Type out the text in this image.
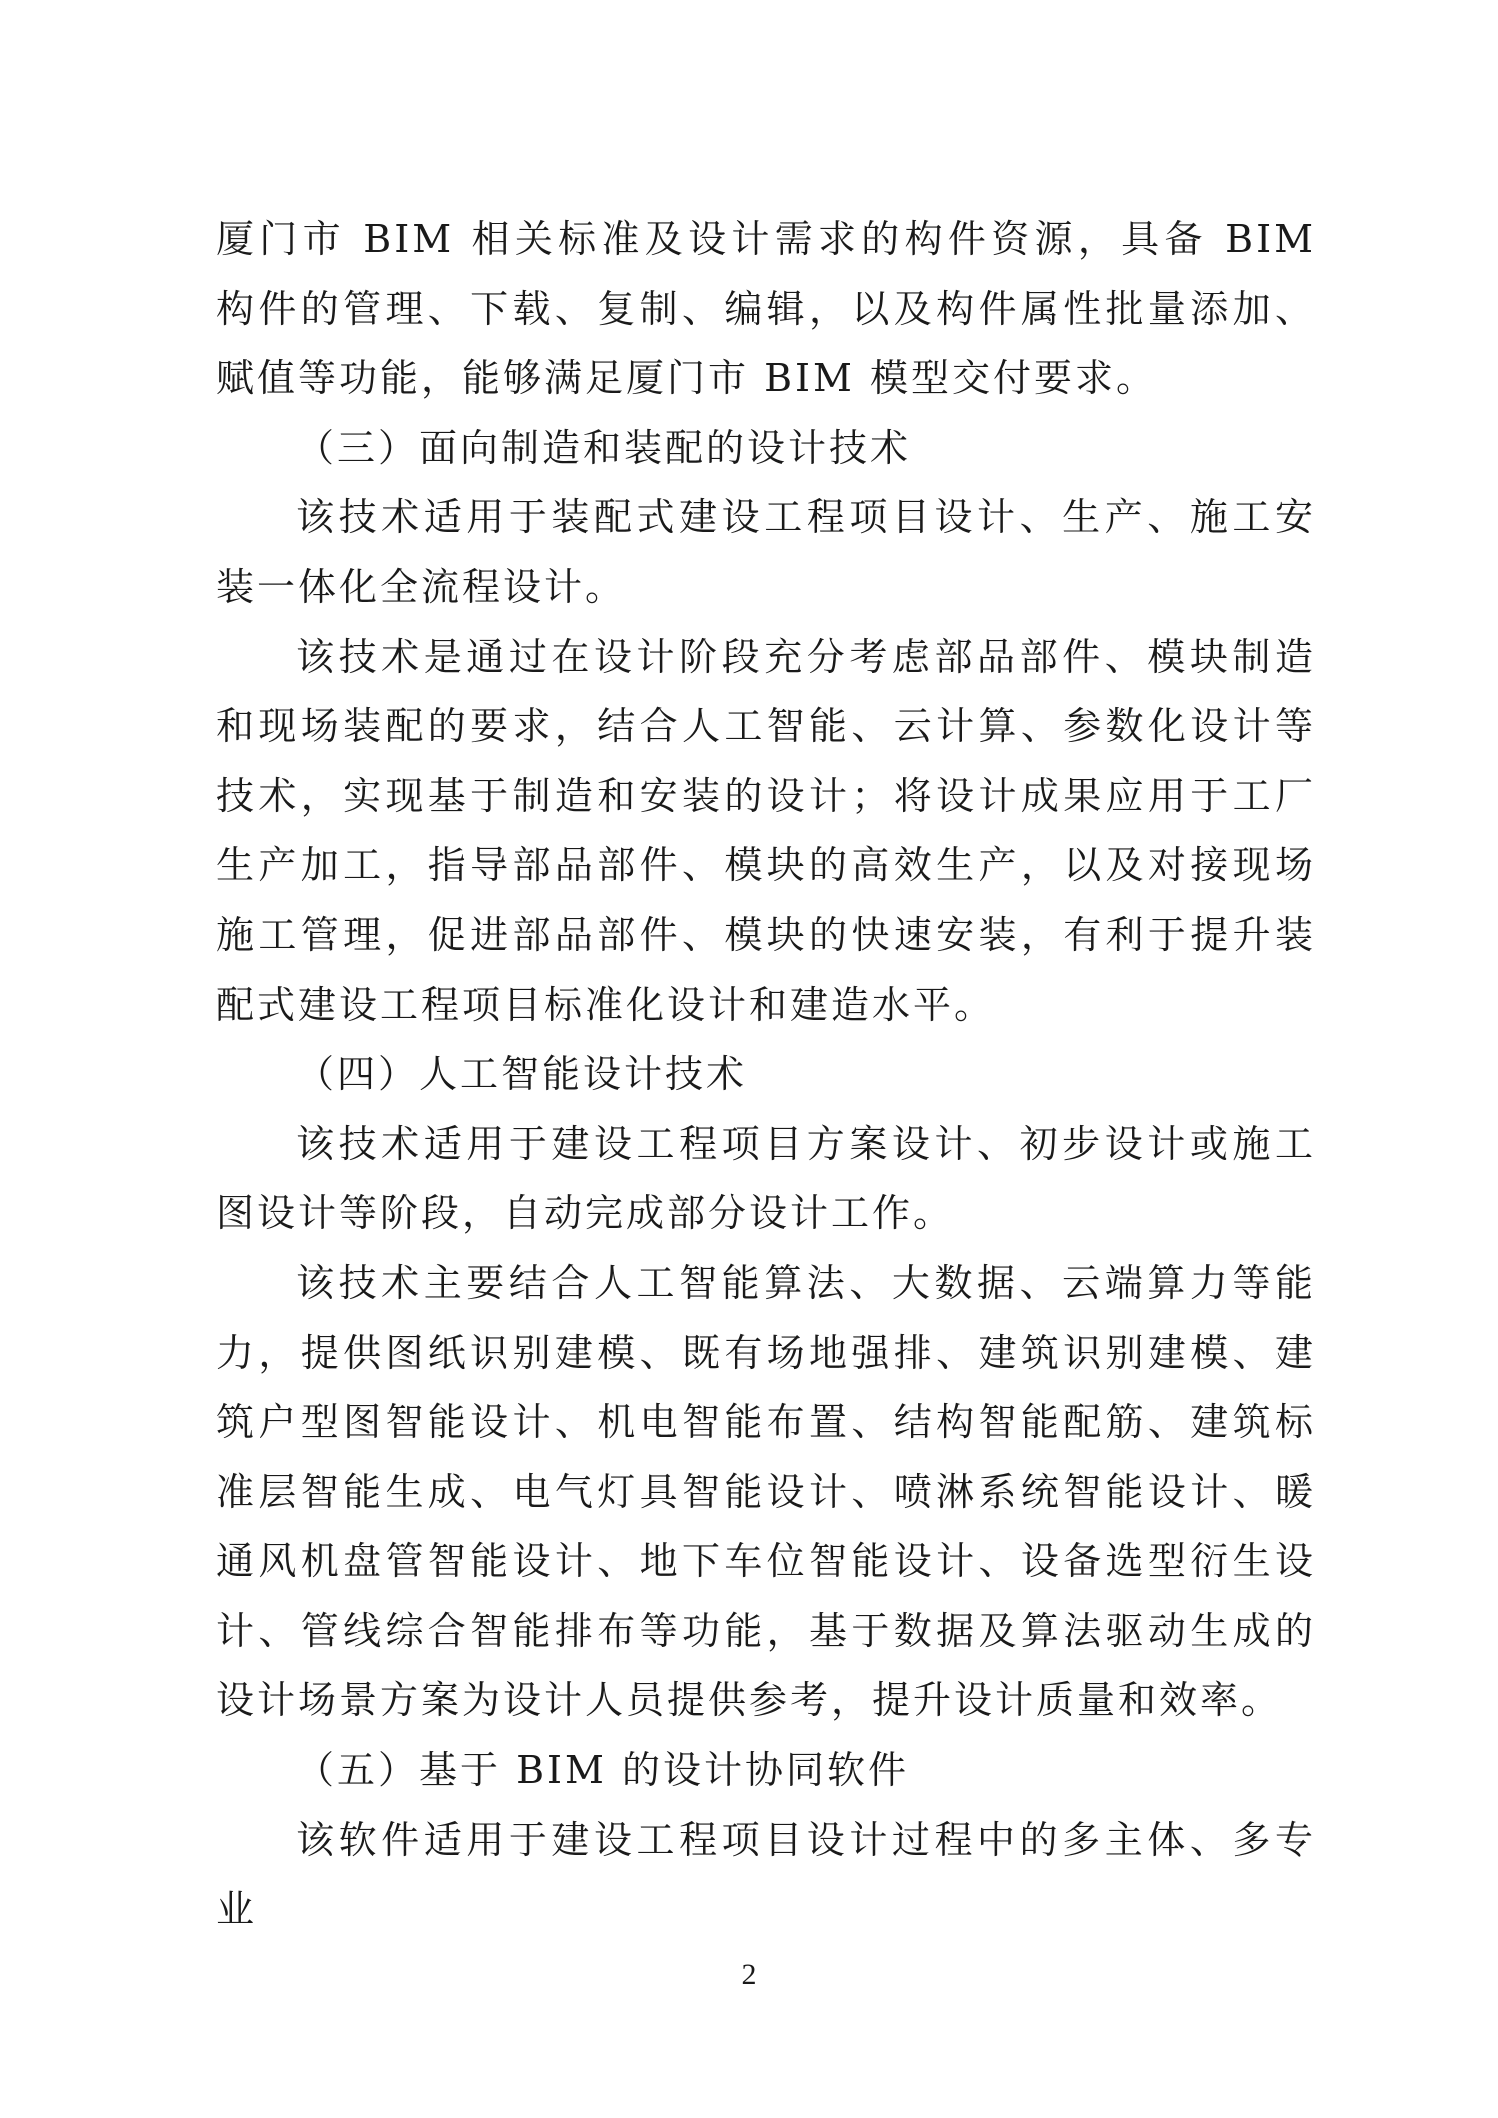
厦门市 BIM 相关标准及设计需求的构件资源，具备 BIM 构件的管理、下载、复制、编辑，以及构件属性批量添加、赋值等功能，能够满足厦门市 BIM 模型交付要求。

（三）面向制造和装配的设计技术

该技术适用于装配式建设工程项目设计、生产、施工安装一体化全流程设计。

该技术是通过在设计阶段充分考虑部品部件、模块制造和现场装配的要求，结合人工智能、云计算、参数化设计等技术，实现基于制造和安装的设计；将设计成果应用于工厂生产加工，指导部品部件、模块的高效生产，以及对接现场施工管理，促进部品部件、模块的快速安装，有利于提升装配式建设工程项目标准化设计和建造水平。

（四）人工智能设计技术

该技术适用于建设工程项目方案设计、初步设计或施工图设计等阶段，自动完成部分设计工作。

该技术主要结合人工智能算法、大数据、云端算力等能力，提供图纸识别建模、既有场地强排、建筑识别建模、建筑户型图智能设计、机电智能布置、结构智能配筋、建筑标准层智能生成、电气灯具智能设计、喷淋系统智能设计、暖通风机盘管智能设计、地下车位智能设计、设备选型衍生设计、管线综合智能排布等功能，基于数据及算法驱动生成的设计场景方案为设计人员提供参考，提升设计质量和效率。

（五）基于 BIM 的设计协同软件

该软件适用于建设工程项目设计过程中的多主体、多专业

2
